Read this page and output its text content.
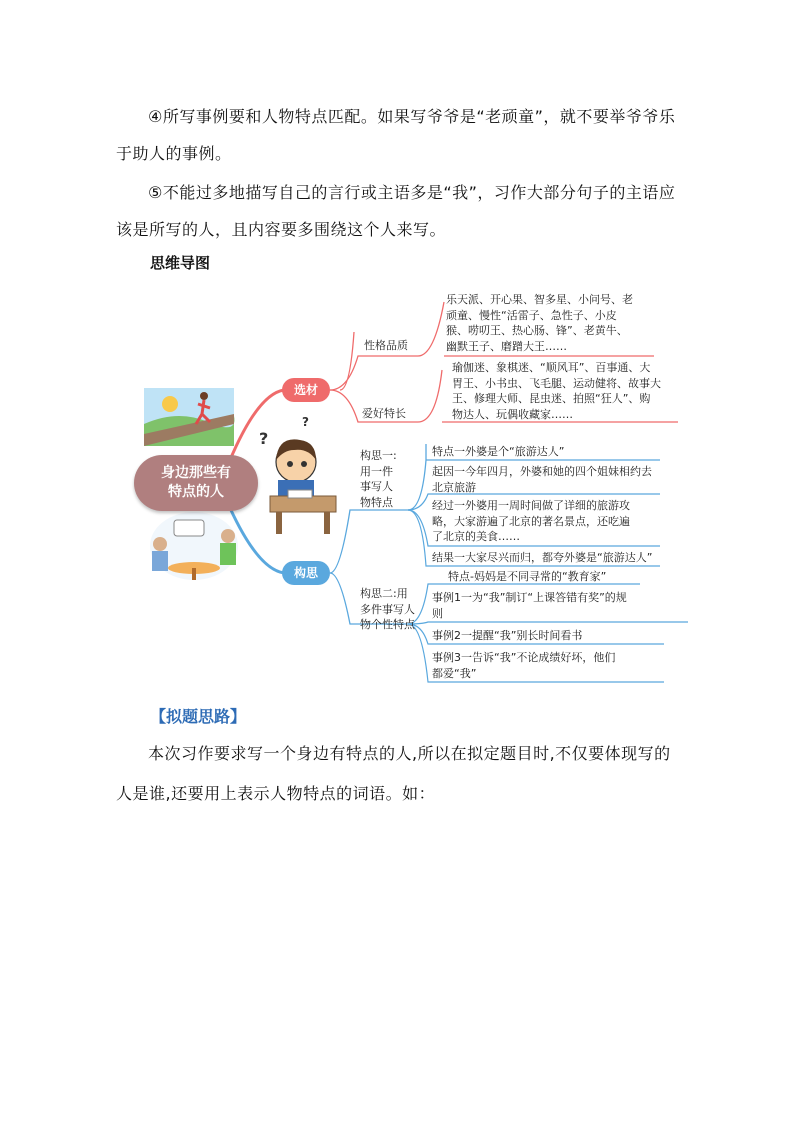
④所写事例要和人物特点匹配。如果写爷爷是“老顽童”，就不要举爷爷乐
于助人的事例。

⑤不能过多地描写自己的言行或主语多是“我”，习作大部分句子的主语应
该是所写的人，且内容要多围绕这个人来写。

思维导图
?
?
身边那些有
特点的人
选材
构思
性格品质
乐天派、开心果、智多星、小问号、老
顽童、慢性“活雷子、急性子、小皮
猴、唠叨王、热心肠、锋”、老黄牛、
幽默王子、磨蹭大王……
爱好特长
瑜伽迷、象棋迷、“顺风耳”、百事通、大
胃王、小书虫、飞毛腿、运动健将、故事大
王、修理大师、昆虫迷、拍照“狂人”、购
物达人、玩偶收藏家……
构思一:
用一件
事写人
物特点
特点一外婆是个“旅游达人”
起因一今年四月，外婆和她的四个姐妹相约去
北京旅游
经过一外婆用一周时间做了详细的旅游攻
略，大家游遍了北京的著名景点，还吃遍
了北京的美食……
结果一大家尽兴而归，都夸外婆是“旅游达人”
构思二:用
多件事写人
物个性特点
特点-妈妈是不同寻常的“教育家”
事例1一为“我”制订“上课答错有奖”的规
则
事例2一提醒“我”别长时间看书
事例3一告诉“我”不论成绩好坏，他们
都爱“我”
【拟题思路】

本次习作要求写一个身边有特点的人,所以在拟定题目时,不仅要体现写的
人是谁,还要用上表示人物特点的词语。如：
